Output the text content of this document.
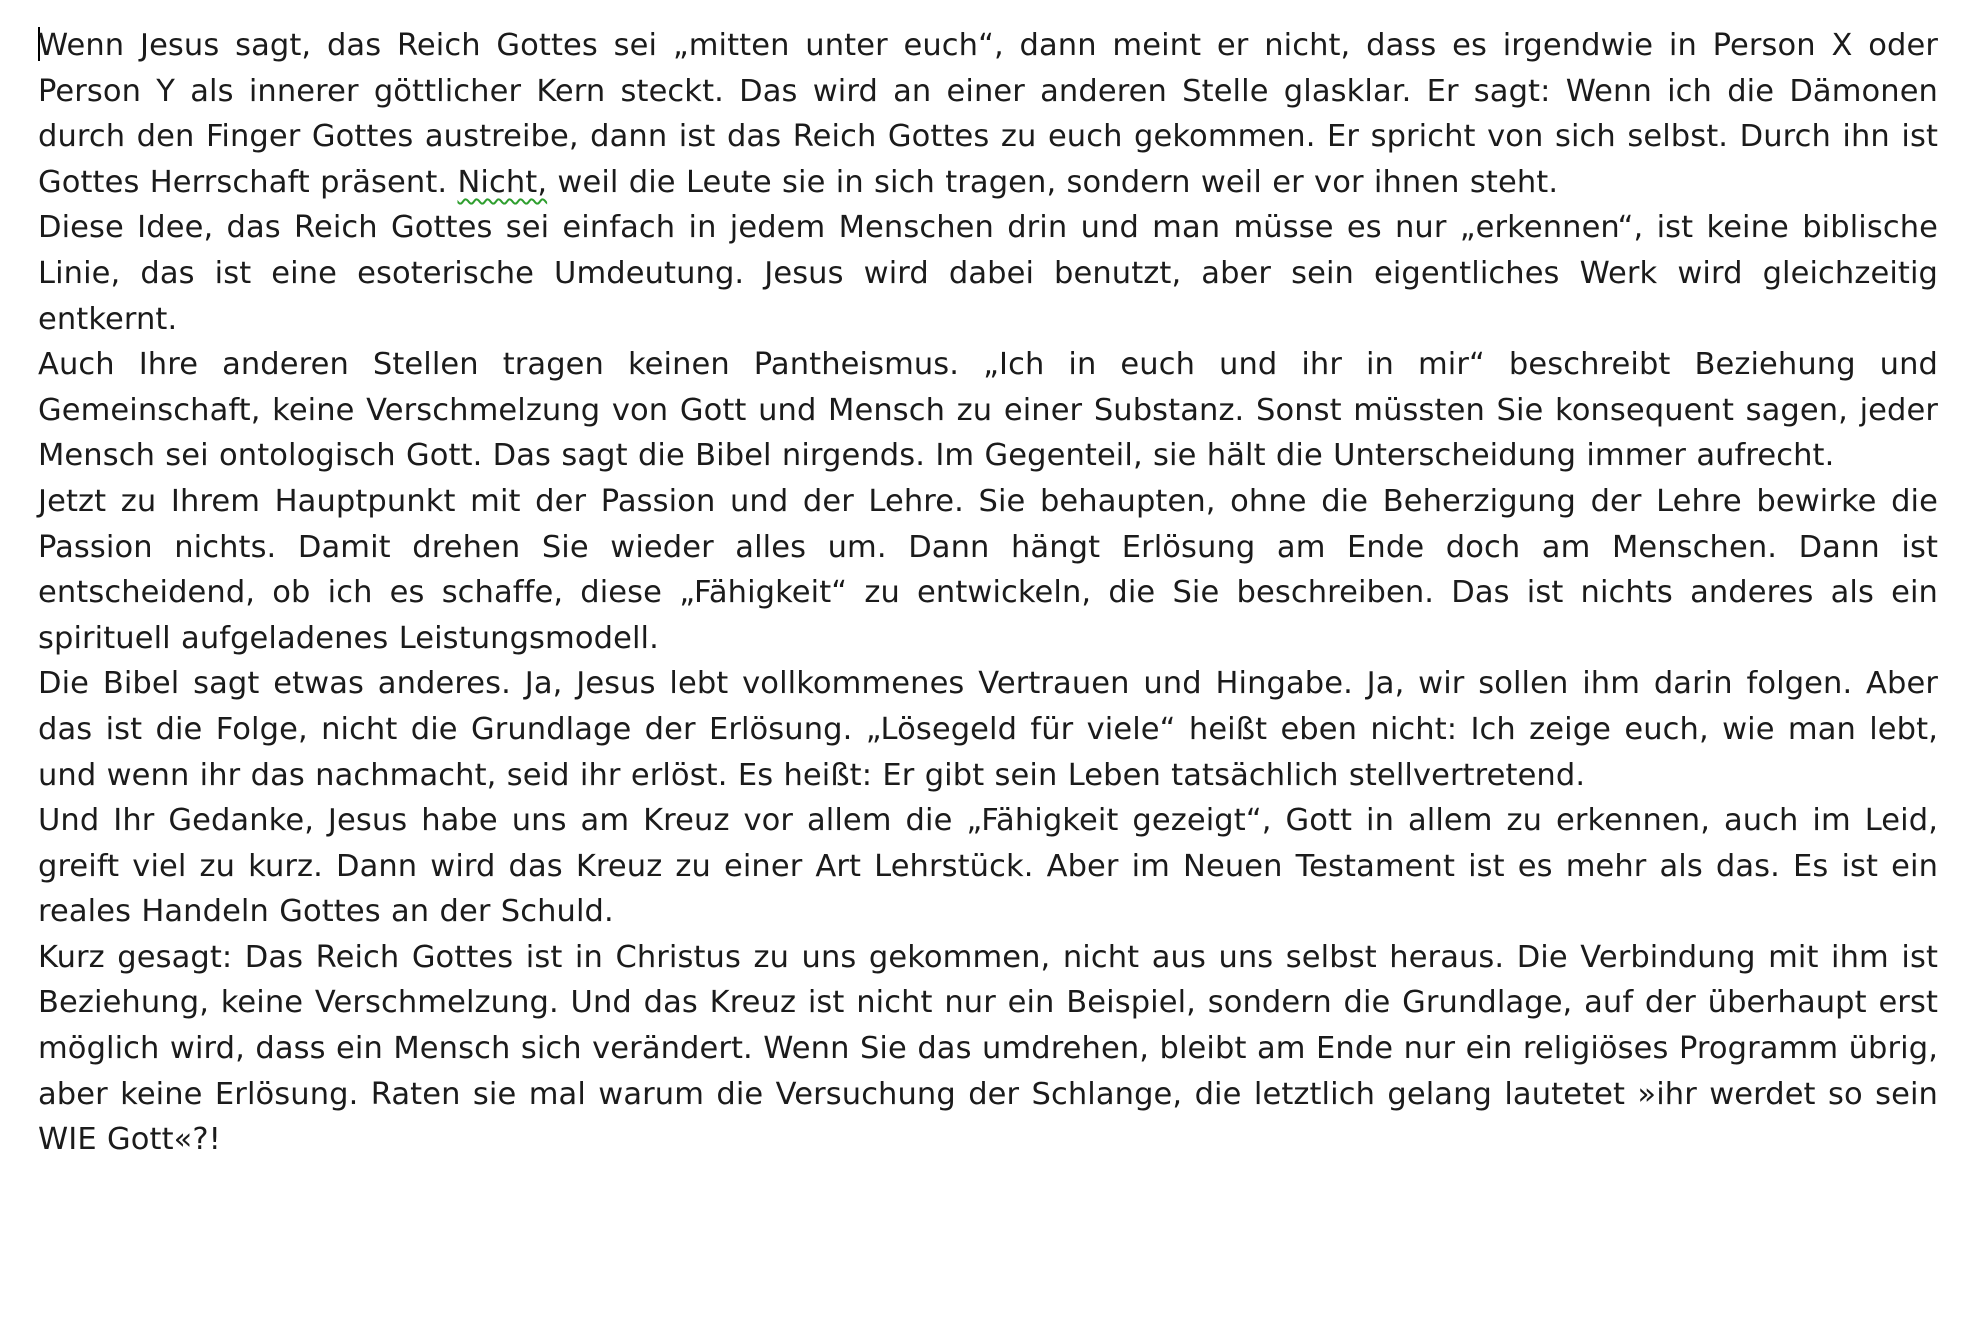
Wenn Jesus sagt, das Reich Gottes sei „mitten unter euch“, dann meint er nicht, dass es irgendwie in Person X oder Person Y als innerer göttlicher Kern steckt. Das wird an einer anderen Stelle glasklar. Er sagt: Wenn ich die Dämonen durch den Finger Gottes austreibe, dann ist das Reich Gottes zu euch gekommen. Er spricht von sich selbst. Durch ihn ist Gottes Herrschaft präsent. Nicht, weil die Leute sie in sich tragen, sondern weil er vor ihnen steht.

Diese Idee, das Reich Gottes sei einfach in jedem Menschen drin und man müsse es nur „erkennen“, ist keine biblische Linie, das ist eine esoterische Umdeutung. Jesus wird dabei benutzt, aber sein eigentliches Werk wird gleichzeitig entkernt.

Auch Ihre anderen Stellen tragen keinen Pantheismus. „Ich in euch und ihr in mir“ beschreibt Beziehung und Gemeinschaft, keine Verschmelzung von Gott und Mensch zu einer Substanz. Sonst müssten Sie konsequent sagen, jeder Mensch sei ontologisch Gott. Das sagt die Bibel nirgends. Im Gegenteil, sie hält die Unterscheidung immer aufrecht.

Jetzt zu Ihrem Hauptpunkt mit der Passion und der Lehre. Sie behaupten, ohne die Beherzigung der Lehre bewirke die Passion nichts. Damit drehen Sie wieder alles um. Dann hängt Erlösung am Ende doch am Menschen. Dann ist entscheidend, ob ich es schaffe, diese „Fähigkeit“ zu entwickeln, die Sie beschreiben. Das ist nichts anderes als ein spirituell aufgeladenes Leistungsmodell.

Die Bibel sagt etwas anderes. Ja, Jesus lebt vollkommenes Vertrauen und Hingabe. Ja, wir sollen ihm darin folgen. Aber das ist die Folge, nicht die Grundlage der Erlösung. „Lösegeld für viele“ heißt eben nicht: Ich zeige euch, wie man lebt, und wenn ihr das nachmacht, seid ihr erlöst. Es heißt: Er gibt sein Leben tatsächlich stellvertretend.

Und Ihr Gedanke, Jesus habe uns am Kreuz vor allem die „Fähigkeit gezeigt“, Gott in allem zu erkennen, auch im Leid, greift viel zu kurz. Dann wird das Kreuz zu einer Art Lehrstück. Aber im Neuen Testament ist es mehr als das. Es ist ein reales Handeln Gottes an der Schuld.

Kurz gesagt: Das Reich Gottes ist in Christus zu uns gekommen, nicht aus uns selbst heraus. Die Verbindung mit ihm ist Beziehung, keine Verschmelzung. Und das Kreuz ist nicht nur ein Beispiel, sondern die Grundlage, auf der überhaupt erst möglich wird, dass ein Mensch sich verändert. Wenn Sie das umdrehen, bleibt am Ende nur ein religiöses Programm übrig, aber keine Erlösung. Raten sie mal warum die Versuchung der Schlange, die letztlich gelang lautetet »ihr werdet so sein WIE Gott«?!
